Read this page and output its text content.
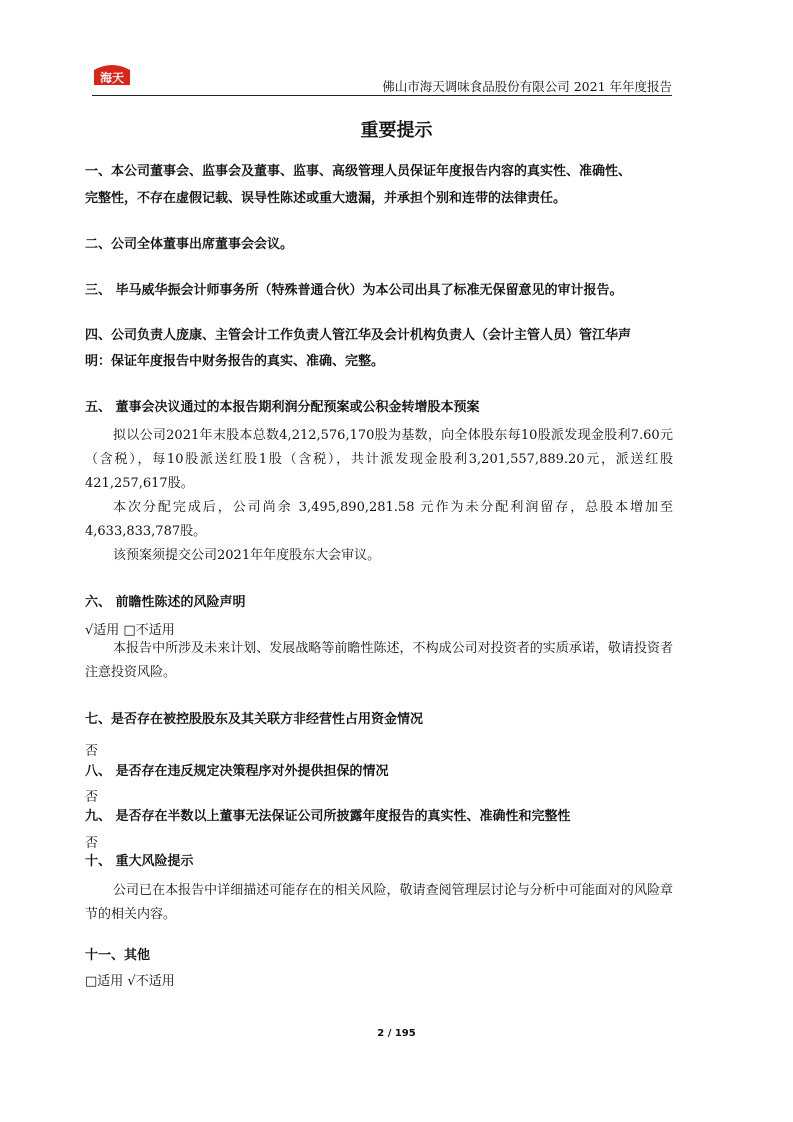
海天
佛山市海天调味食品股份有限公司 2021 年年度报告
重要提示
一、本公司董事会、监事会及董事、监事、高级管理人员保证年度报告内容的真实性、准确性、
完整性，不存在虚假记载、误导性陈述或重大遗漏，并承担个别和连带的法律责任。
二、公司全体董事出席董事会会议。
三、 毕马威华振会计师事务所（特殊普通合伙）为本公司出具了标准无保留意见的审计报告。
四、公司负责人庞康、主管会计工作负责人管江华及会计机构负责人（会计主管人员）管江华声
明：保证年度报告中财务报告的真实、准确、完整。
五、 董事会决议通过的本报告期利润分配预案或公积金转增股本预案
拟以公司2021年末股本总数4,212,576,170股为基数，向全体股东每10股派发现金股利7.60元（含税），每10股派送红股1股（含税），共计派发现金股利3,201,557,889.20元，派送红股421,257,617股。
本次分配完成后，公司尚余 3,495,890,281.58 元作为未分配利润留存，总股本增加至4,633,833,787股。
该预案须提交公司2021年年度股东大会审议。
六、 前瞻性陈述的风险声明
√适用 □不适用
本报告中所涉及未来计划、发展战略等前瞻性陈述，不构成公司对投资者的实质承诺，敬请投资者注意投资风险。
七、是否存在被控股股东及其关联方非经营性占用资金情况
否
八、 是否存在违反规定决策程序对外提供担保的情况
否
九、 是否存在半数以上董事无法保证公司所披露年度报告的真实性、准确性和完整性
否
十、 重大风险提示
公司已在本报告中详细描述可能存在的相关风险，敬请查阅管理层讨论与分析中可能面对的风险章节的相关内容。
十一、其他
□适用 √不适用
2 / 195
